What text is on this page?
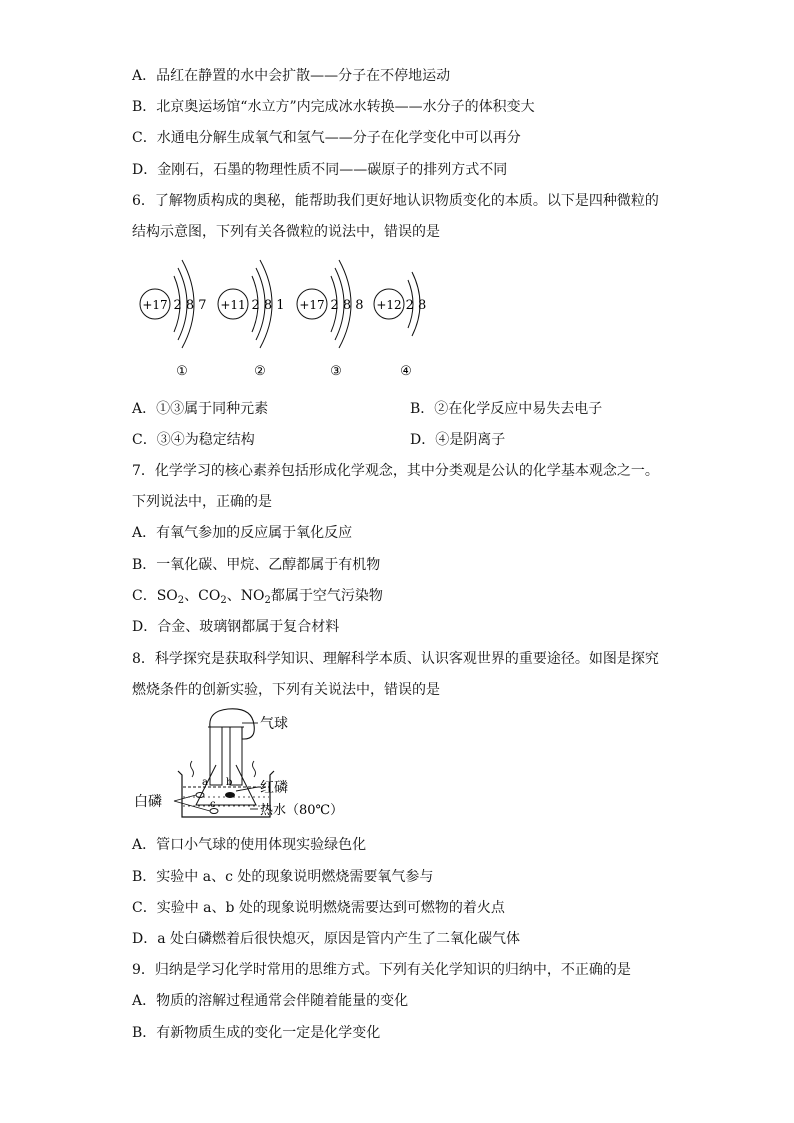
A．品红在静置的水中会扩散——分子在不停地运动
B．北京奥运场馆“水立方”内完成冰水转换——水分子的体积变大
C．水通电分解生成氧气和氢气——分子在化学变化中可以再分
D．金刚石，石墨的物理性质不同——碳原子的排列方式不同
6．了解物质构成的奥秘，能帮助我们更好地认识物质变化的本质。以下是四种微粒的
结构示意图，下列有关各微粒的说法中，错误的是
+17 2 8 7
①
+11 2 8 1
②
+17 2 8 8
③
+12 2 8
④
A．①③属于同种元素	B．②在化学反应中易失去电子
C．③④为稳定结构	D．④是阴离子
7．化学学习的核心素养包括形成化学观念，其中分类观是公认的化学基本观念之一。
下列说法中，正确的是
A．有氧气参加的反应属于氧化反应
B．一氧化碳、甲烷、乙醇都属于有机物
C．$SO_2$、$CO_2$、$NO_2$都属于空气污染物
D．合金、玻璃钢都属于复合材料
8．科学探究是获取科学知识、理解科学本质、认识客观世界的重要途径。如图是探究
燃烧条件的创新实验，下列有关说法中，错误的是
a b
c
气球
红磷
白磷
热水（80℃）
A．管口小气球的使用体现实验绿色化
B．实验中 a、c 处的现象说明燃烧需要氧气参与
C．实验中 a、b 处的现象说明燃烧需要达到可燃物的着火点
D．a 处白磷燃着后很快熄灭，原因是管内产生了二氧化碳气体
9．归纳是学习化学时常用的思维方式。下列有关化学知识的归纳中，不正确的是
A．物质的溶解过程通常会伴随着能量的变化
B．有新物质生成的变化一定是化学变化
